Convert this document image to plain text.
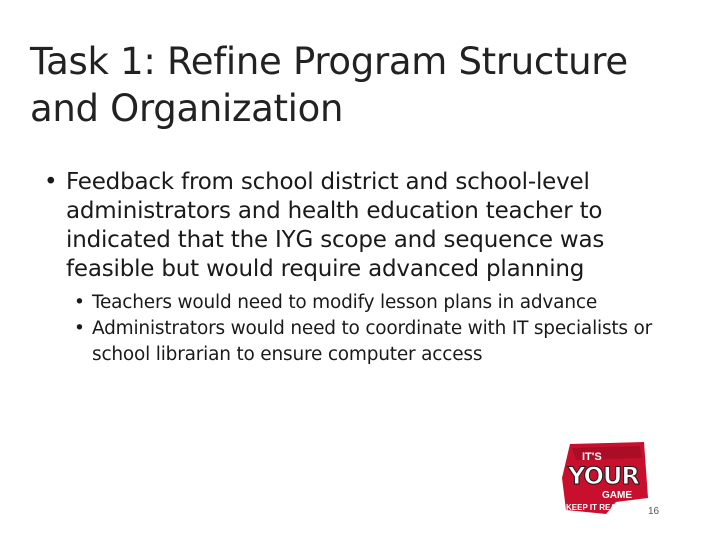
Task 1: Refine Program Structure and Organization
• Feedback from school district and school-level administrators and health education teacher to indicated that the IYG scope and sequence was feasible but would require advanced planning
• Teachers would need to modify lesson plans in advance
• Administrators would need to coordinate with IT specialists or school librarian to ensure computer access
IT'S
YOUR
GAME
KEEP IT REAL! 16
